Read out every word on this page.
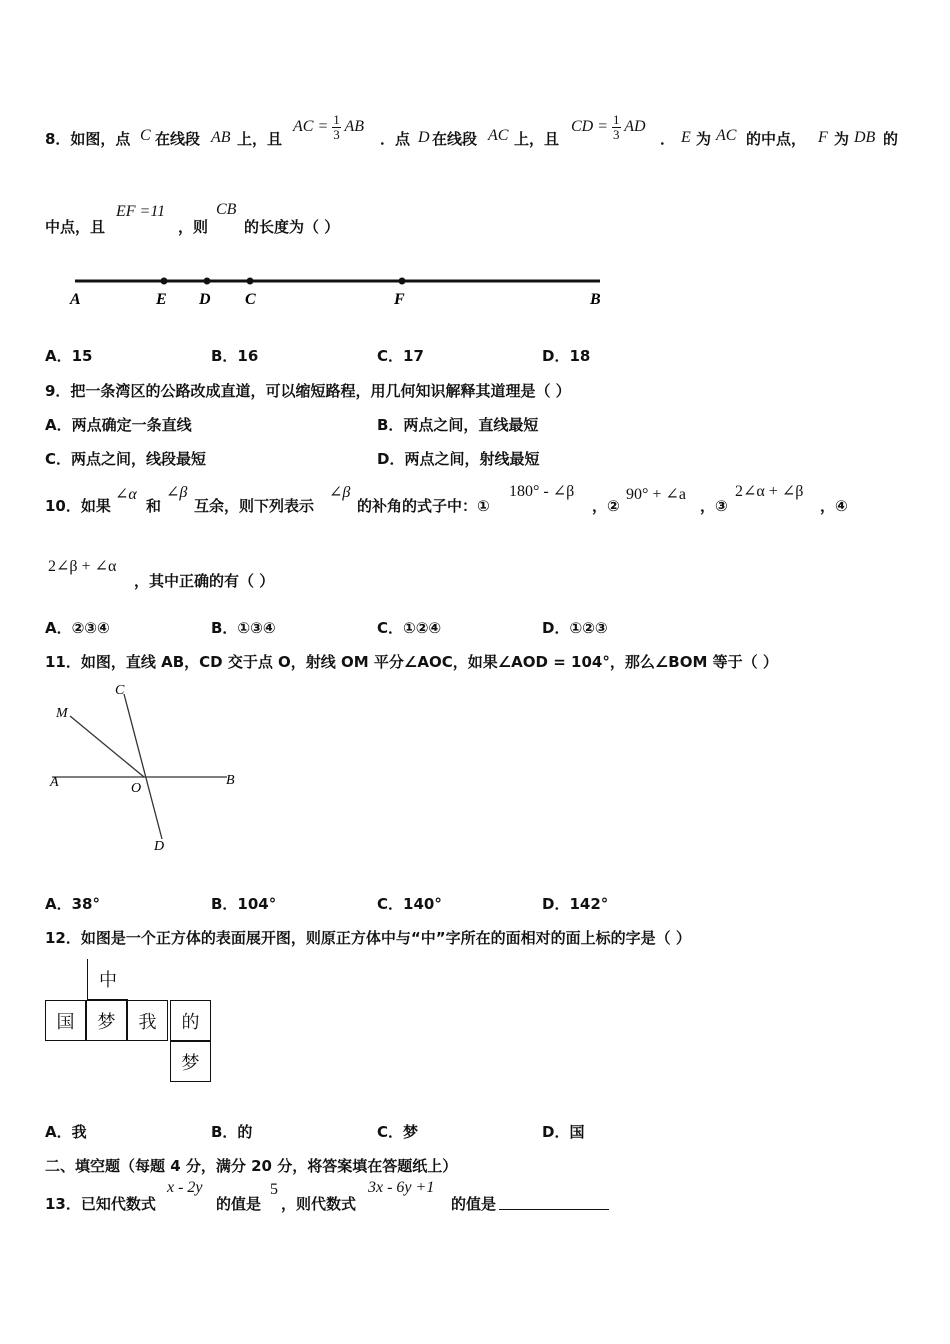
8．如图，点 C 在线段 AB 上，且
AC = $\frac{1}{3}$ AB
．点 D 在线段 AC 上，且
CD = $\frac{1}{3}$ AD
． E 为 AC 的中点， F 为 DB 的
中点，且
EF =11
，则
CB
的长度为（ ）
A	E D C	F	B
A．15	B．16	C．17	D．18
9．把一条湾区的公路改成直道，可以缩短路程，用几何知识解释其道理是（ ）
A．两点确定一条直线	B．两点之间，直线最短
C．两点之间，线段最短	D．两点之间，射线最短
10．如果
∠α
和
∠β
互余，则下列表示
∠β
的补角的式子中：①
180° - ∠β
，②
90° + ∠a
，③
2∠α + ∠β
，④
2∠β + ∠α
，其中正确的有（ ）
A．②③④	B．①③④	C．①②④	D．①②③
11．如图，直线 AB，CD 交于点 O，射线 OM 平分∠AOC，如果∠AOD = 104°，那么∠BOM 等于（ ）
C
M
A	O
B
D
A．38°	B．104°	C．140°	D．142°
12．如图是一个正方体的表面展开图，则原正方体中与“中”字所在的面相对的面上标的字是（ ）
中
国	梦	我	的
梦
A．我	B．的	C．梦	D．国
二、填空题（每题 4 分，满分 20 分，将答案填在答题纸上）
13．已知代数式
x - 2y
的值是
5
，则代数式
3x - 6y +1
的值是
